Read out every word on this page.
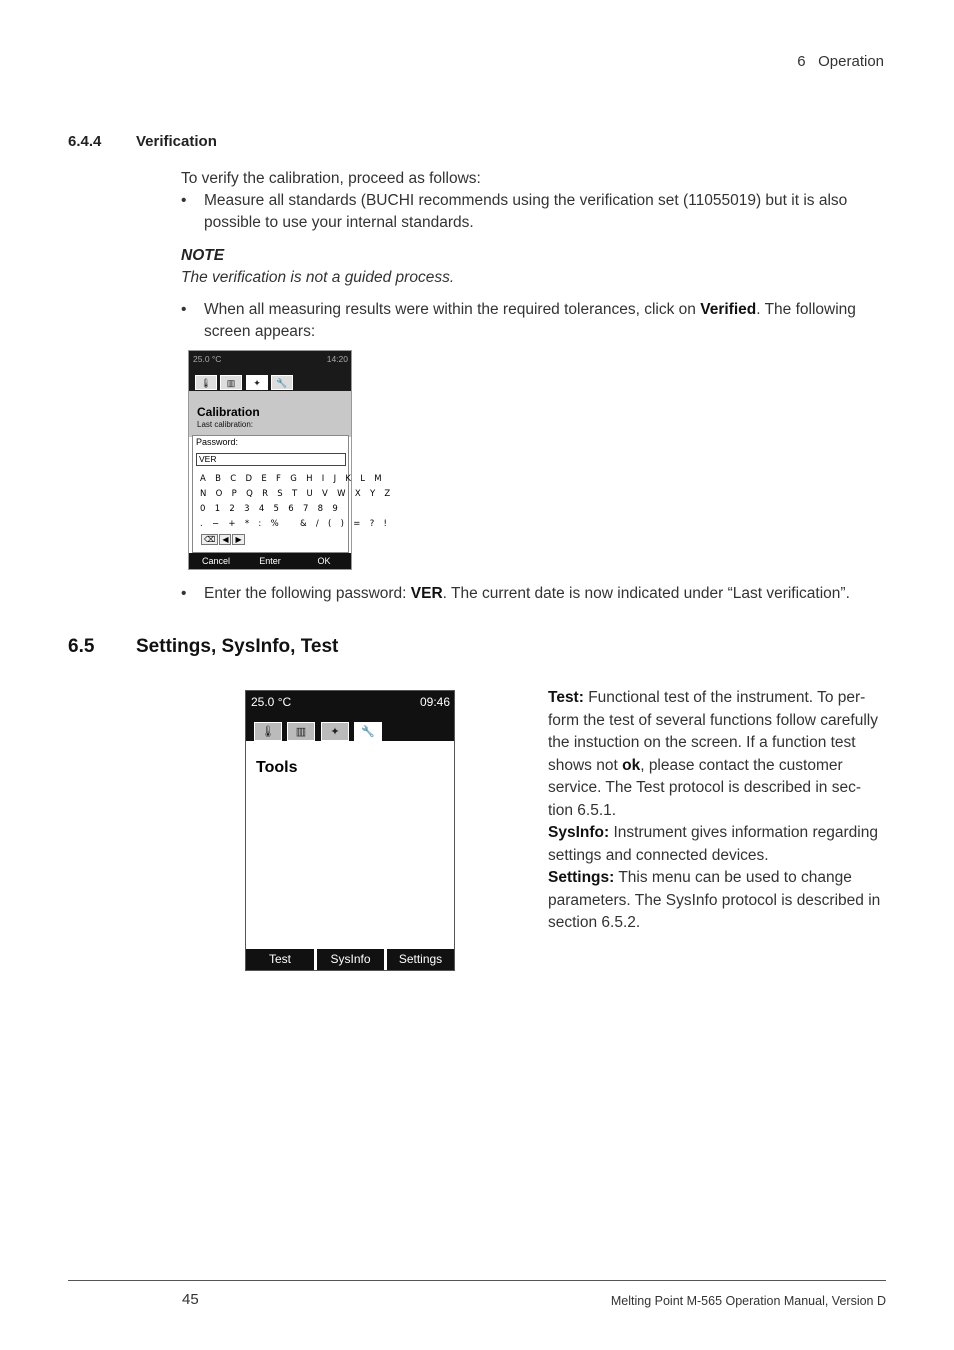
6 Operation
6.4.4 Verification
To verify the calibration, proceed as follows:
• Measure all standards (BUCHI recommends using the verification set (11055019) but it is also
possible to use your internal standards.
NOTE
The verification is not a guided process.
• When all measuring results were within the required tolerances, click on Verified. The following
screen appears:
25.0 °C	14:20
🌡	▥	✦	🔧
Calibration
Last calibration:
Password:
VER
A B C D E F G H I J K L M
N O P Q R S T U V W X Y Z
0 1 2 3 4 5 6 7 8 9
. − + * : %   & / ( ) = ? !
⌫ ◀ ▶
Cancel	Enter	OK
• Enter the following password: VER. The current date is now indicated under “Last verification”.
6.5 Settings, SysInfo, Test
25.0 °C	09:46
🌡	▥	✦	🔧
Tools
Test	SysInfo	Settings
Test: Functional test of the instrument. To per-form the test of several functions follow carefully the instuction on the screen. If a function test shows not ok, please contact the customer service. The Test protocol is described in sec-tion 6.5.1.
SysInfo: Instrument gives information regarding settings and connected devices.
Settings: This menu can be used to change parameters. The SysInfo protocol is described in section 6.5.2.
45	Melting Point M-565 Operation Manual, Version D
